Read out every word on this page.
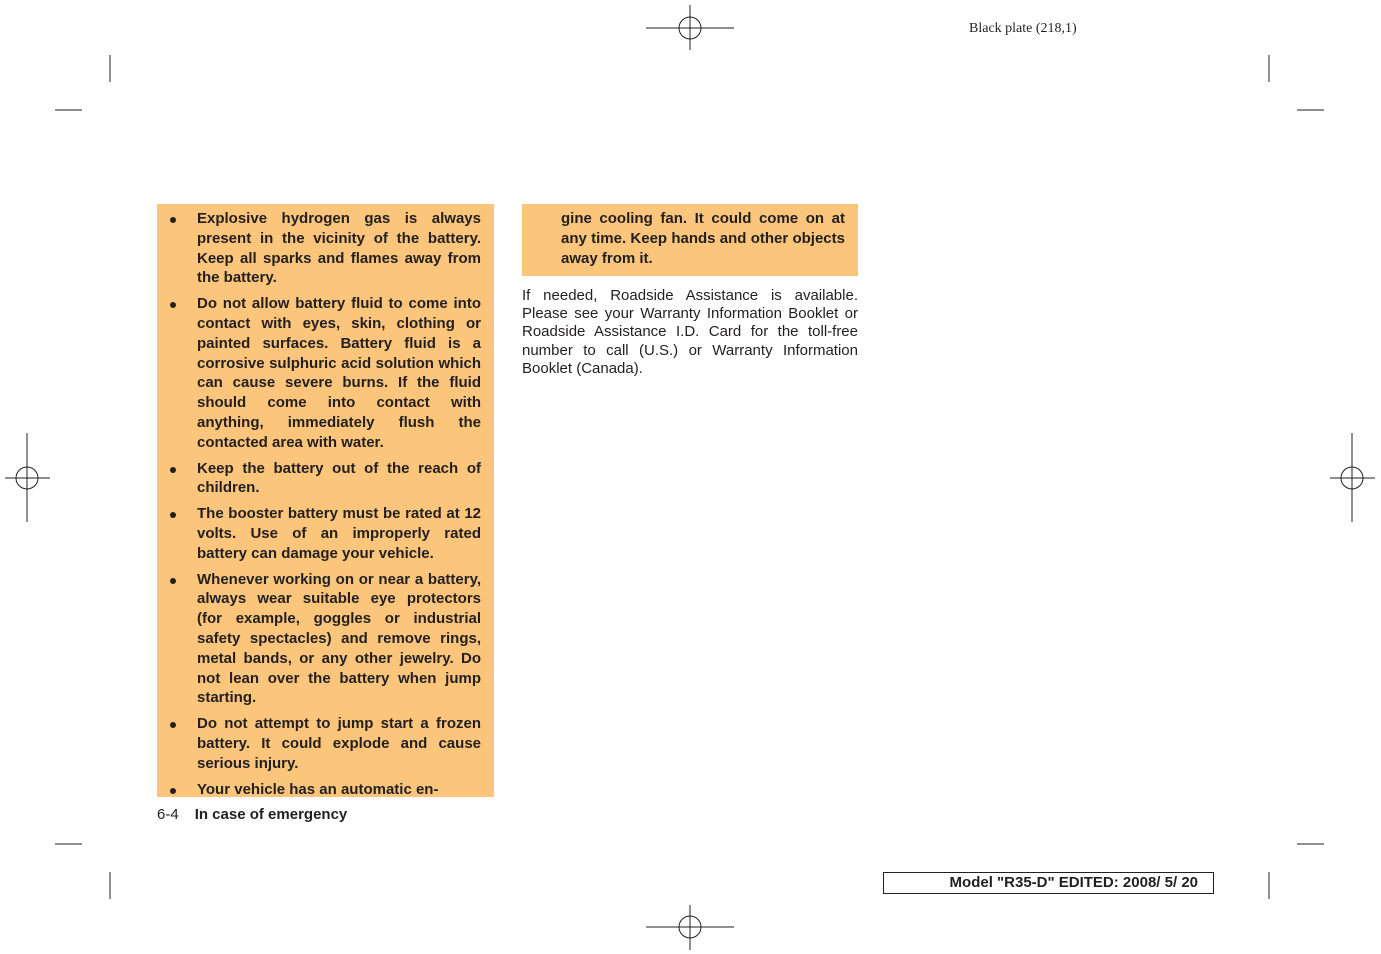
Black plate (218,1)
Explosive hydrogen gas is always present in the vicinity of the battery. Keep all sparks and flames away from the battery.
Do not allow battery fluid to come into contact with eyes, skin, clothing or painted surfaces. Battery fluid is a corrosive sulphuric acid solution which can cause severe burns. If the fluid should come into contact with anything, immediately flush the contacted area with water.
Keep the battery out of the reach of children.
The booster battery must be rated at 12 volts. Use of an improperly rated battery can damage your vehicle.
Whenever working on or near a battery, always wear suitable eye protectors (for example, goggles or industrial safety spectacles) and remove rings, metal bands, or any other jewelry. Do not lean over the battery when jump starting.
Do not attempt to jump start a frozen battery. It could explode and cause serious injury.
Your vehicle has an automatic en-

gine cooling fan. It could come on at any time. Keep hands and other objects away from it.

If needed, Roadside Assistance is available. Please see your Warranty Information Booklet or Roadside Assistance I.D. Card for the toll-free number to call (U.S.) or Warranty Information Booklet (Canada).

6-4 In case of emergency
Model "R35-D" EDITED: 2008/ 5/ 20
